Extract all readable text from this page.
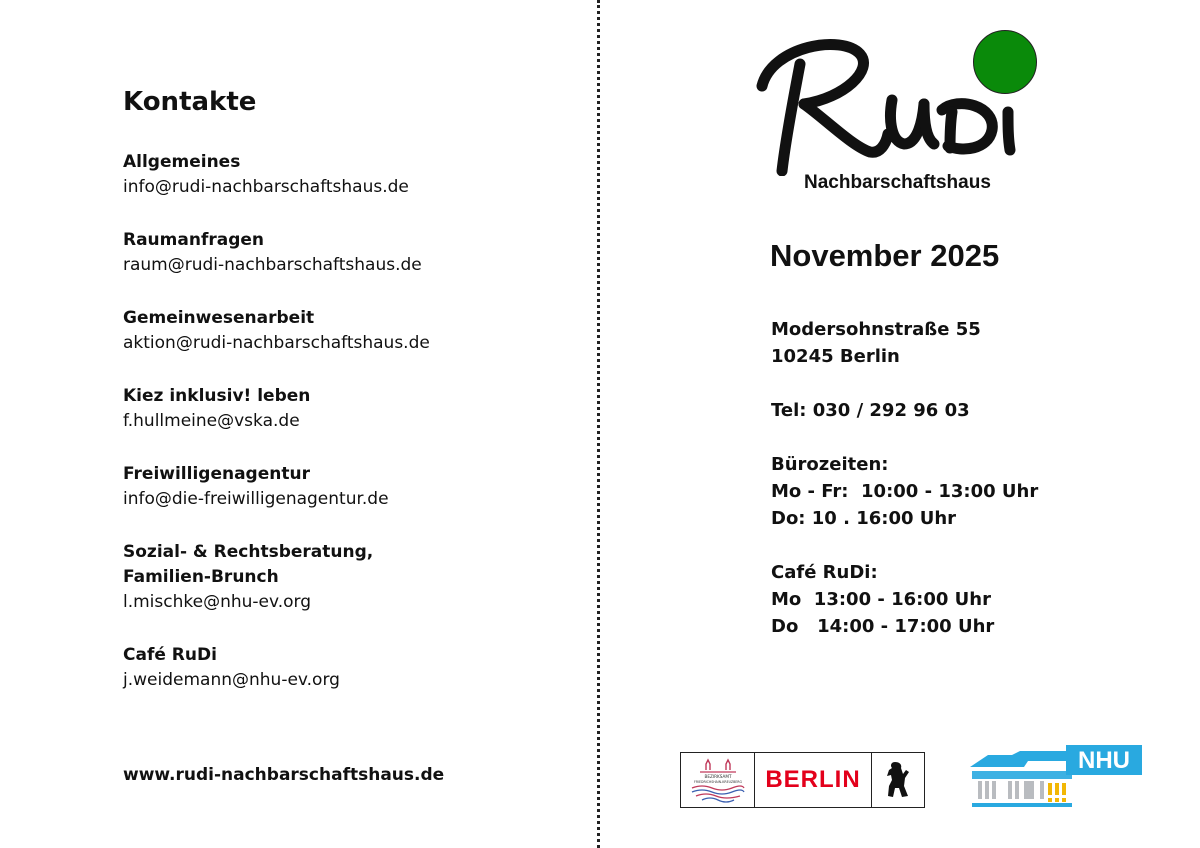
Kontakte
Allgemeines
info@rudi-nachbarschaftshaus.de
Raumanfragen
raum@rudi-nachbarschaftshaus.de
Gemeinwesenarbeit
aktion@rudi-nachbarschaftshaus.de
Kiez inklusiv! leben
f.hullmeine@vska.de
Freiwilligenagentur
info@die-freiwilligenagentur.de
Sozial- & Rechtsberatung,
Familien-Brunch
l.mischke@nhu-ev.org
Café RuDi
j.weidemann@nhu-ev.org
www.rudi-nachbarschaftshaus.de
Nachbarschaftshaus
November 2025
Modersohnstraße 55
10245 Berlin
Tel: 030 / 292 96 03
Bürozeiten:
Mo - Fr:  10:00 - 13:00 Uhr
Do: 10 . 16:00 Uhr
Café RuDi:
Mo  13:00 - 16:00 Uhr
Do   14:00 - 17:00 Uhr
BEZIRKSAMT
FRIEDRICHSHAIN-KREUZBERG BERLIN
NHU
